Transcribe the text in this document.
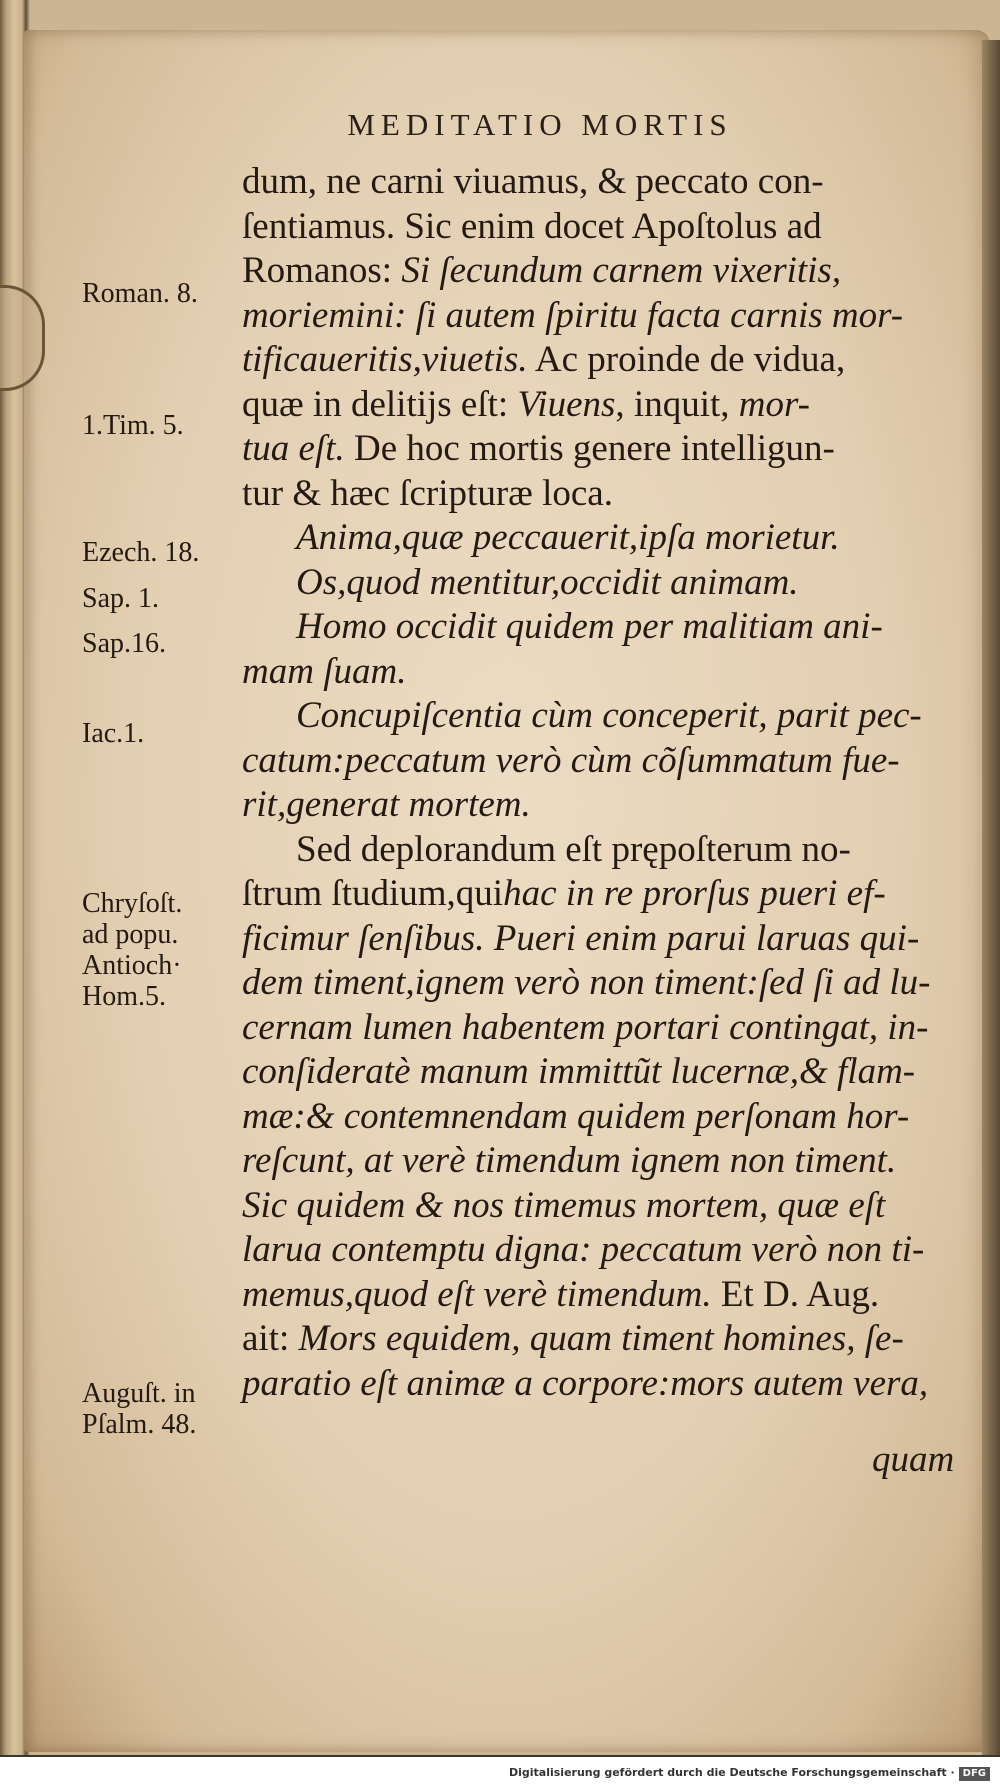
MEDITATIO MORTIS
dum, ne carni viuamus, & peccato con-
ſentiamus. Sic enim docet Apoſtolus ad
Romanos: Si ſecundum carnem vixeritis,
moriemini: ſi autem ſpiritu facta carnis mor-
tificaueritis,viuetis. Ac proinde de vidua,
quæ in delitijs eſt: Viuens, inquit, mor-
tua eſt. De hoc mortis genere intelligun-
tur & hæc ſcripturæ loca.
Anima,quæ peccauerit,ipſa morietur.
Os,quod mentitur,occidit animam.
Homo occidit quidem per malitiam ani-
mam ſuam.
Concupiſcentia cùm conceperit, parit pec-
catum:peccatum verò cùm cõſummatum fue-
rit,generat mortem.
Sed deplorandum eſt prępoſterum no-
ſtrum ſtudium,quihac in re prorſus pueri ef-
ficimur ſenſibus. Pueri enim parui laruas qui-
dem timent,ignem verò non timent:ſed ſi ad lu-
cernam lumen habentem portari contingat, in-
conſideratè manum immittũt lucernæ,& flam-
mæ:& contemnendam quidem perſonam hor-
reſcunt, at verè timendum ignem non timent.
Sic quidem & nos timemus mortem, quæ eſt
larua contemptu digna: peccatum verò non ti-
memus,quod eſt verè timendum. Et D. Aug.
ait: Mors equidem, quam timent homines, ſe-
paratio eſt animæ a corpore:mors autem vera,
quam
Roman. 8.
1.Tim. 5.
Ezech. 18.
Sap. 1.
Sap.16.
Iac.1.
Chryſoſt.
ad popu.
Antioch·
Hom.5.
Auguſt. in
Pſalm. 48.
Digitalisierung gefördert durch die Deutsche Forschungsgemeinschaft · DFG
